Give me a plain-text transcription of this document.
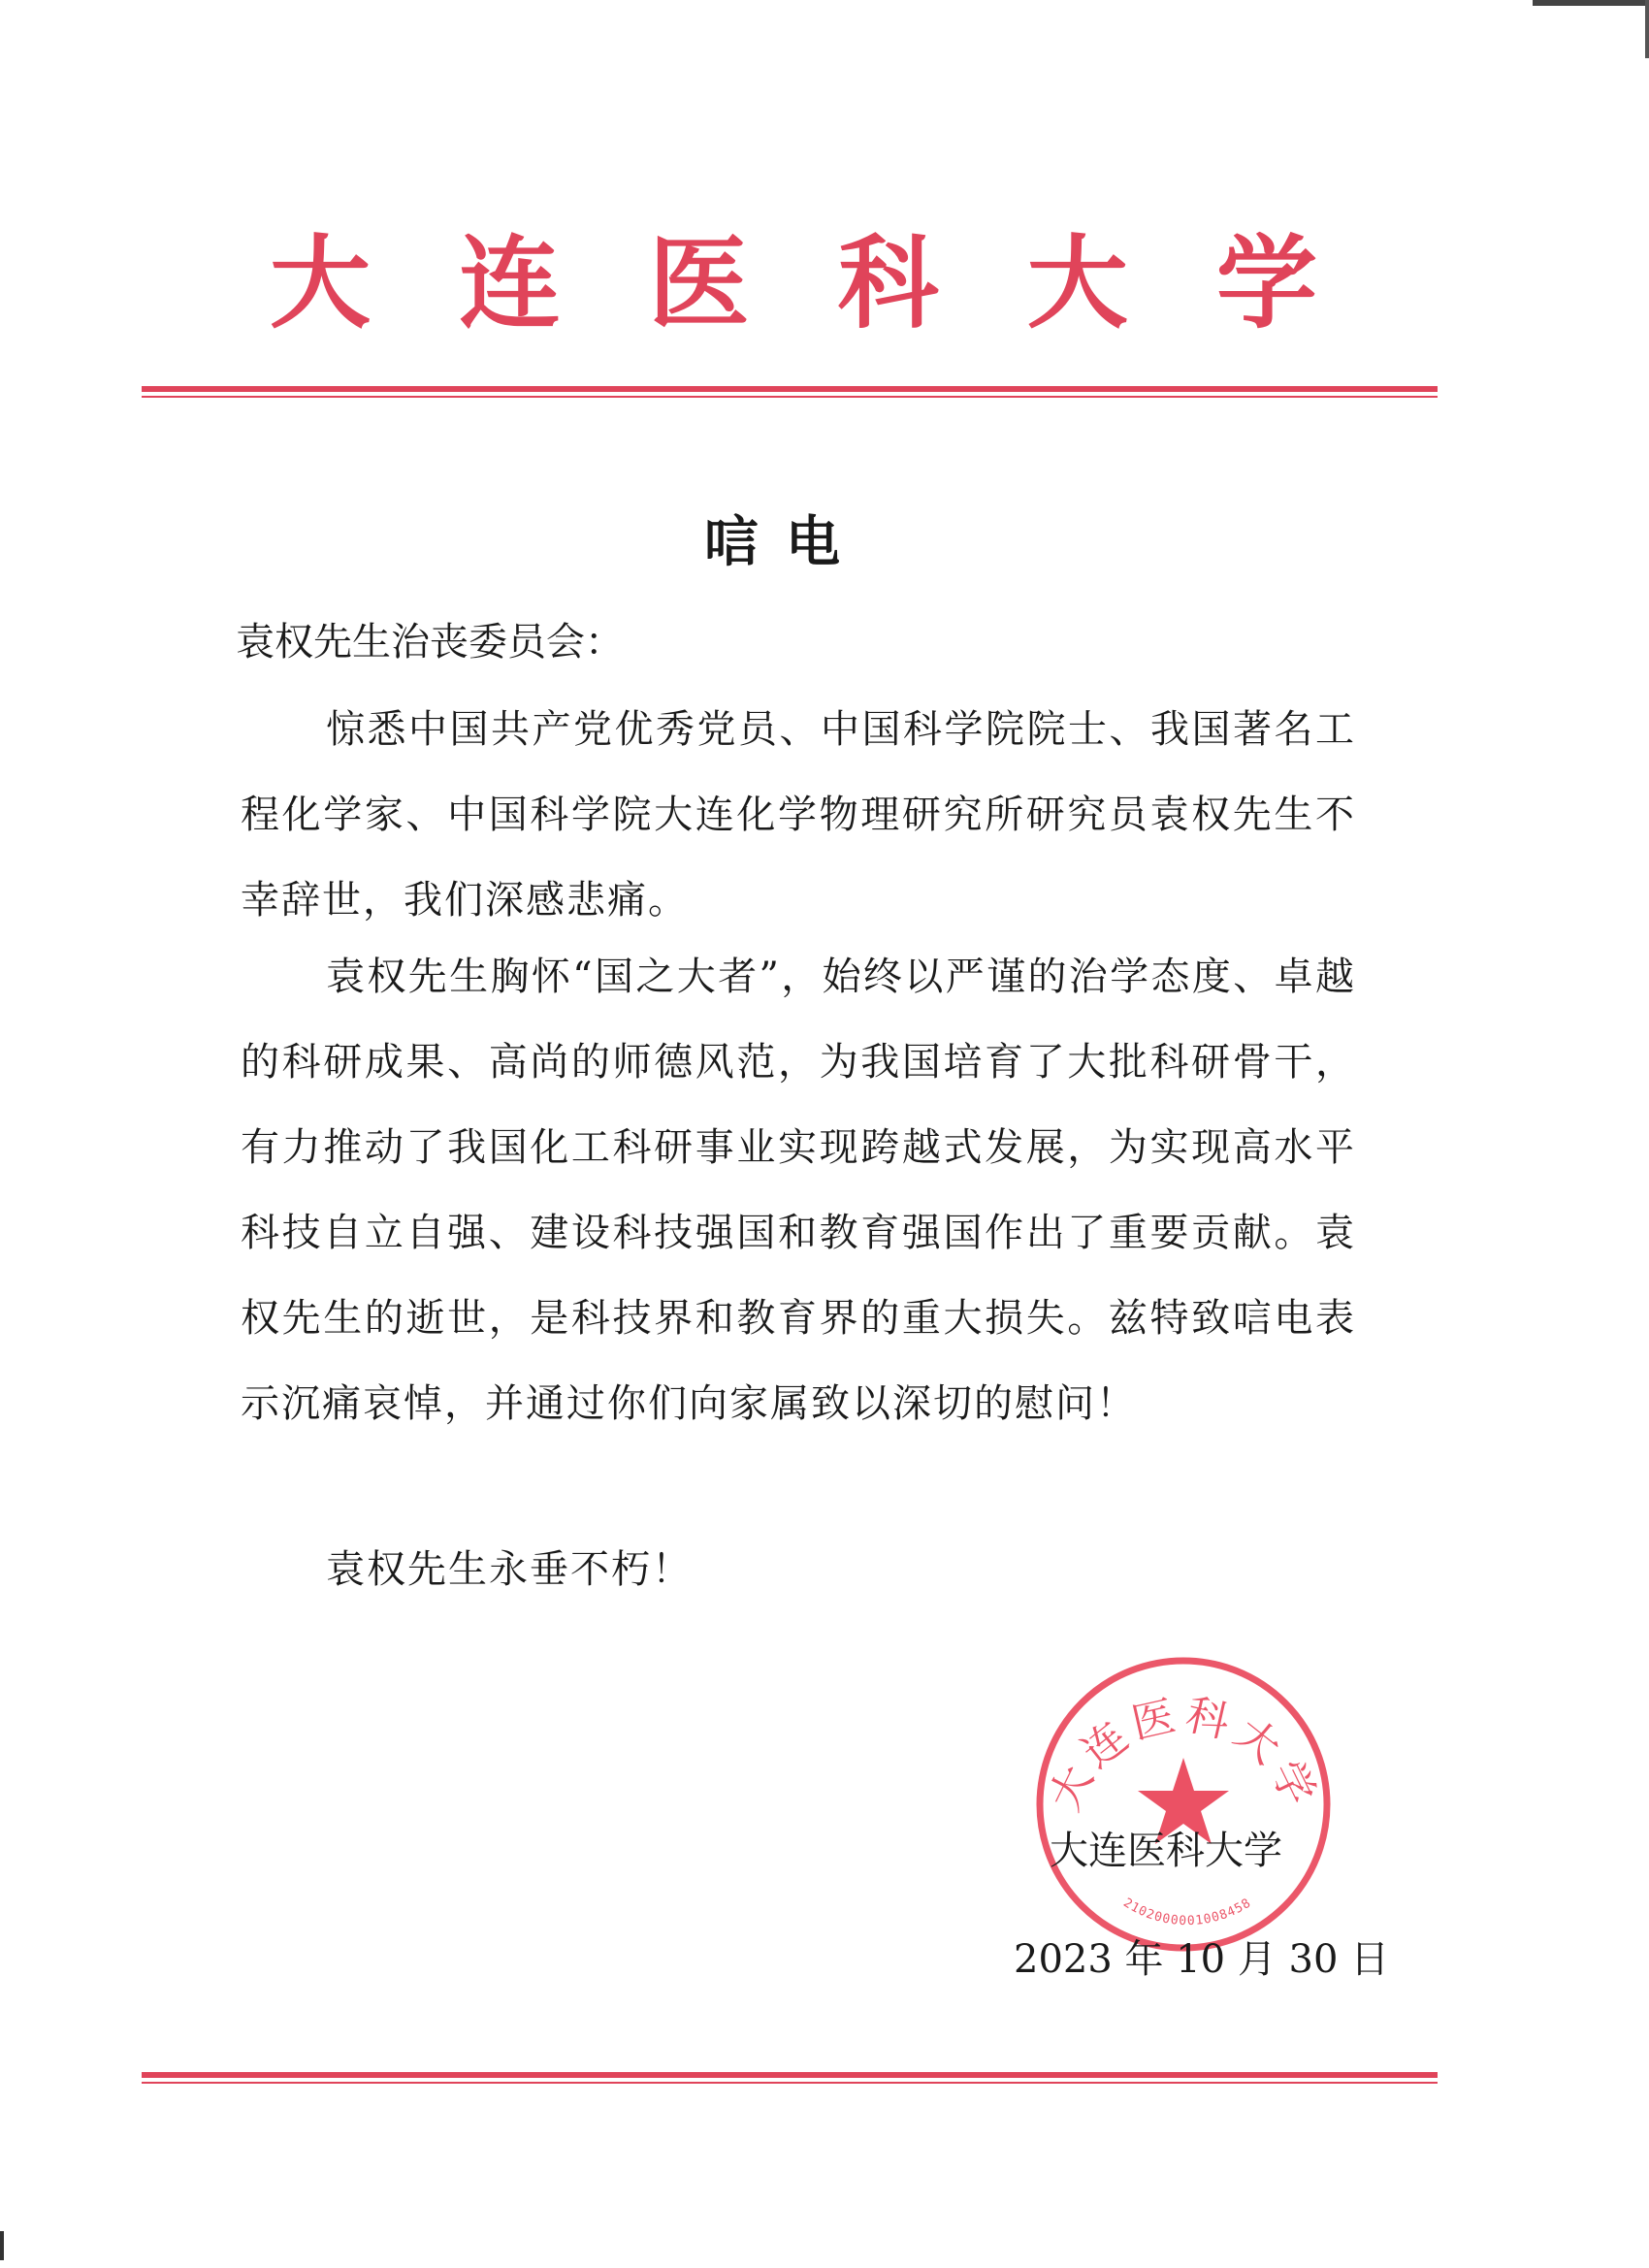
大 连 医 科 大 学
唁电
袁权先生治丧委员会：

惊悉中国共产党优秀党员、中国科学院院士、我国著名工程化学家、中国科学院大连化学物理研究所研究员袁权先生不幸辞世，我们深感悲痛。

袁权先生胸怀“国之大者”，始终以严谨的治学态度、卓越的科研成果、高尚的师德风范，为我国培育了大批科研骨干，有力推动了我国化工科研事业实现跨越式发展，为实现高水平科技自立自强、建设科技强国和教育强国作出了重要贡献。袁权先生的逝世，是科技界和教育界的重大损失。兹特致唁电表示沉痛哀悼，并通过你们向家属致以深切的慰问！

袁权先生永垂不朽！

大连医科大学
2102000001008458
大连医科大学
2023 年 10 月 30 日
